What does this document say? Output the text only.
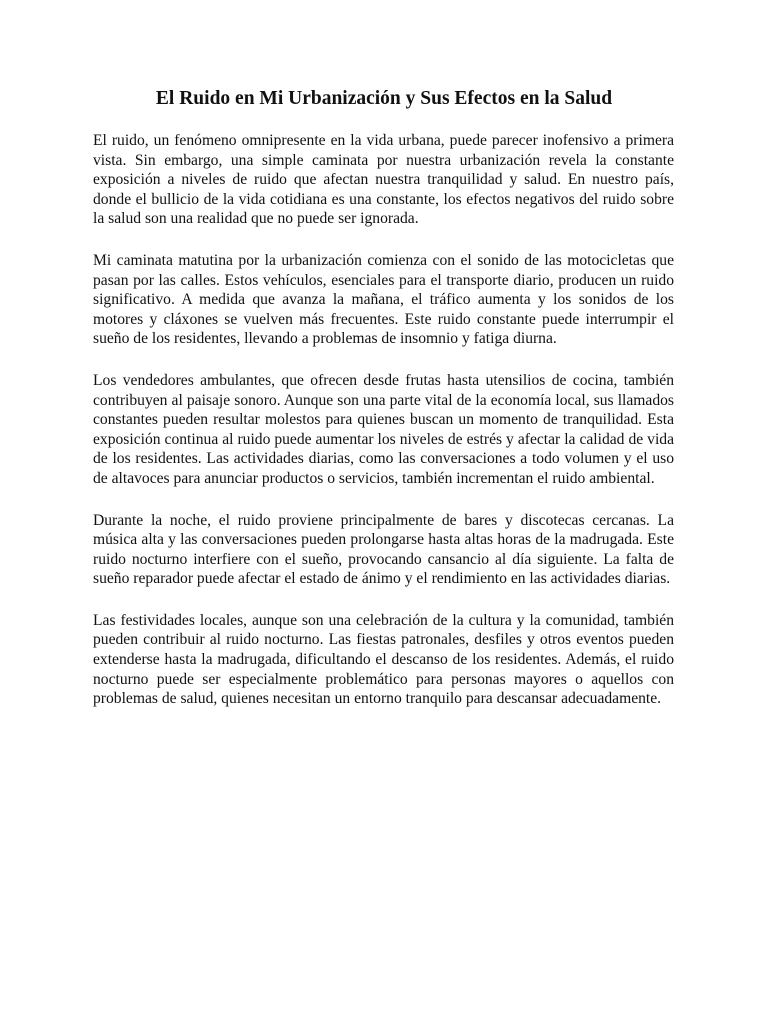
El Ruido en Mi Urbanización y Sus Efectos en la Salud

El ruido, un fenómeno omnipresente en la vida urbana, puede parecer inofensivo a primera vista. Sin embargo, una simple caminata por nuestra urbanización revela la constante exposición a niveles de ruido que afectan nuestra tranquilidad y salud. En nuestro país, donde el bullicio de la vida cotidiana es una constante, los efectos negativos del ruido sobre la salud son una realidad que no puede ser ignorada.

Mi caminata matutina por la urbanización comienza con el sonido de las motocicletas que pasan por las calles. Estos vehículos, esenciales para el transporte diario, producen un ruido significativo. A medida que avanza la mañana, el tráfico aumenta y los sonidos de los motores y cláxones se vuelven más frecuentes. Este ruido constante puede interrumpir el sueño de los residentes, llevando a problemas de insomnio y fatiga diurna.

Los vendedores ambulantes, que ofrecen desde frutas hasta utensilios de cocina, también contribuyen al paisaje sonoro. Aunque son una parte vital de la economía local, sus llamados constantes pueden resultar molestos para quienes buscan un momento de tranquilidad. Esta exposición continua al ruido puede aumentar los niveles de estrés y afectar la calidad de vida de los residentes. Las actividades diarias, como las conversaciones a todo volumen y el uso de altavoces para anunciar productos o servicios, también incrementan el ruido ambiental.

Durante la noche, el ruido proviene principalmente de bares y discotecas cercanas. La música alta y las conversaciones pueden prolongarse hasta altas horas de la madrugada. Este ruido nocturno interfiere con el sueño, provocando cansancio al día siguiente. La falta de sueño reparador puede afectar el estado de ánimo y el rendimiento en las actividades diarias.

Las festividades locales, aunque son una celebración de la cultura y la comunidad, también pueden contribuir al ruido nocturno. Las fiestas patronales, desfiles y otros eventos pueden extenderse hasta la madrugada, dificultando el descanso de los residentes. Además, el ruido nocturno puede ser especialmente problemático para personas mayores o aquellos con problemas de salud, quienes necesitan un entorno tranquilo para descansar adecuadamente.
